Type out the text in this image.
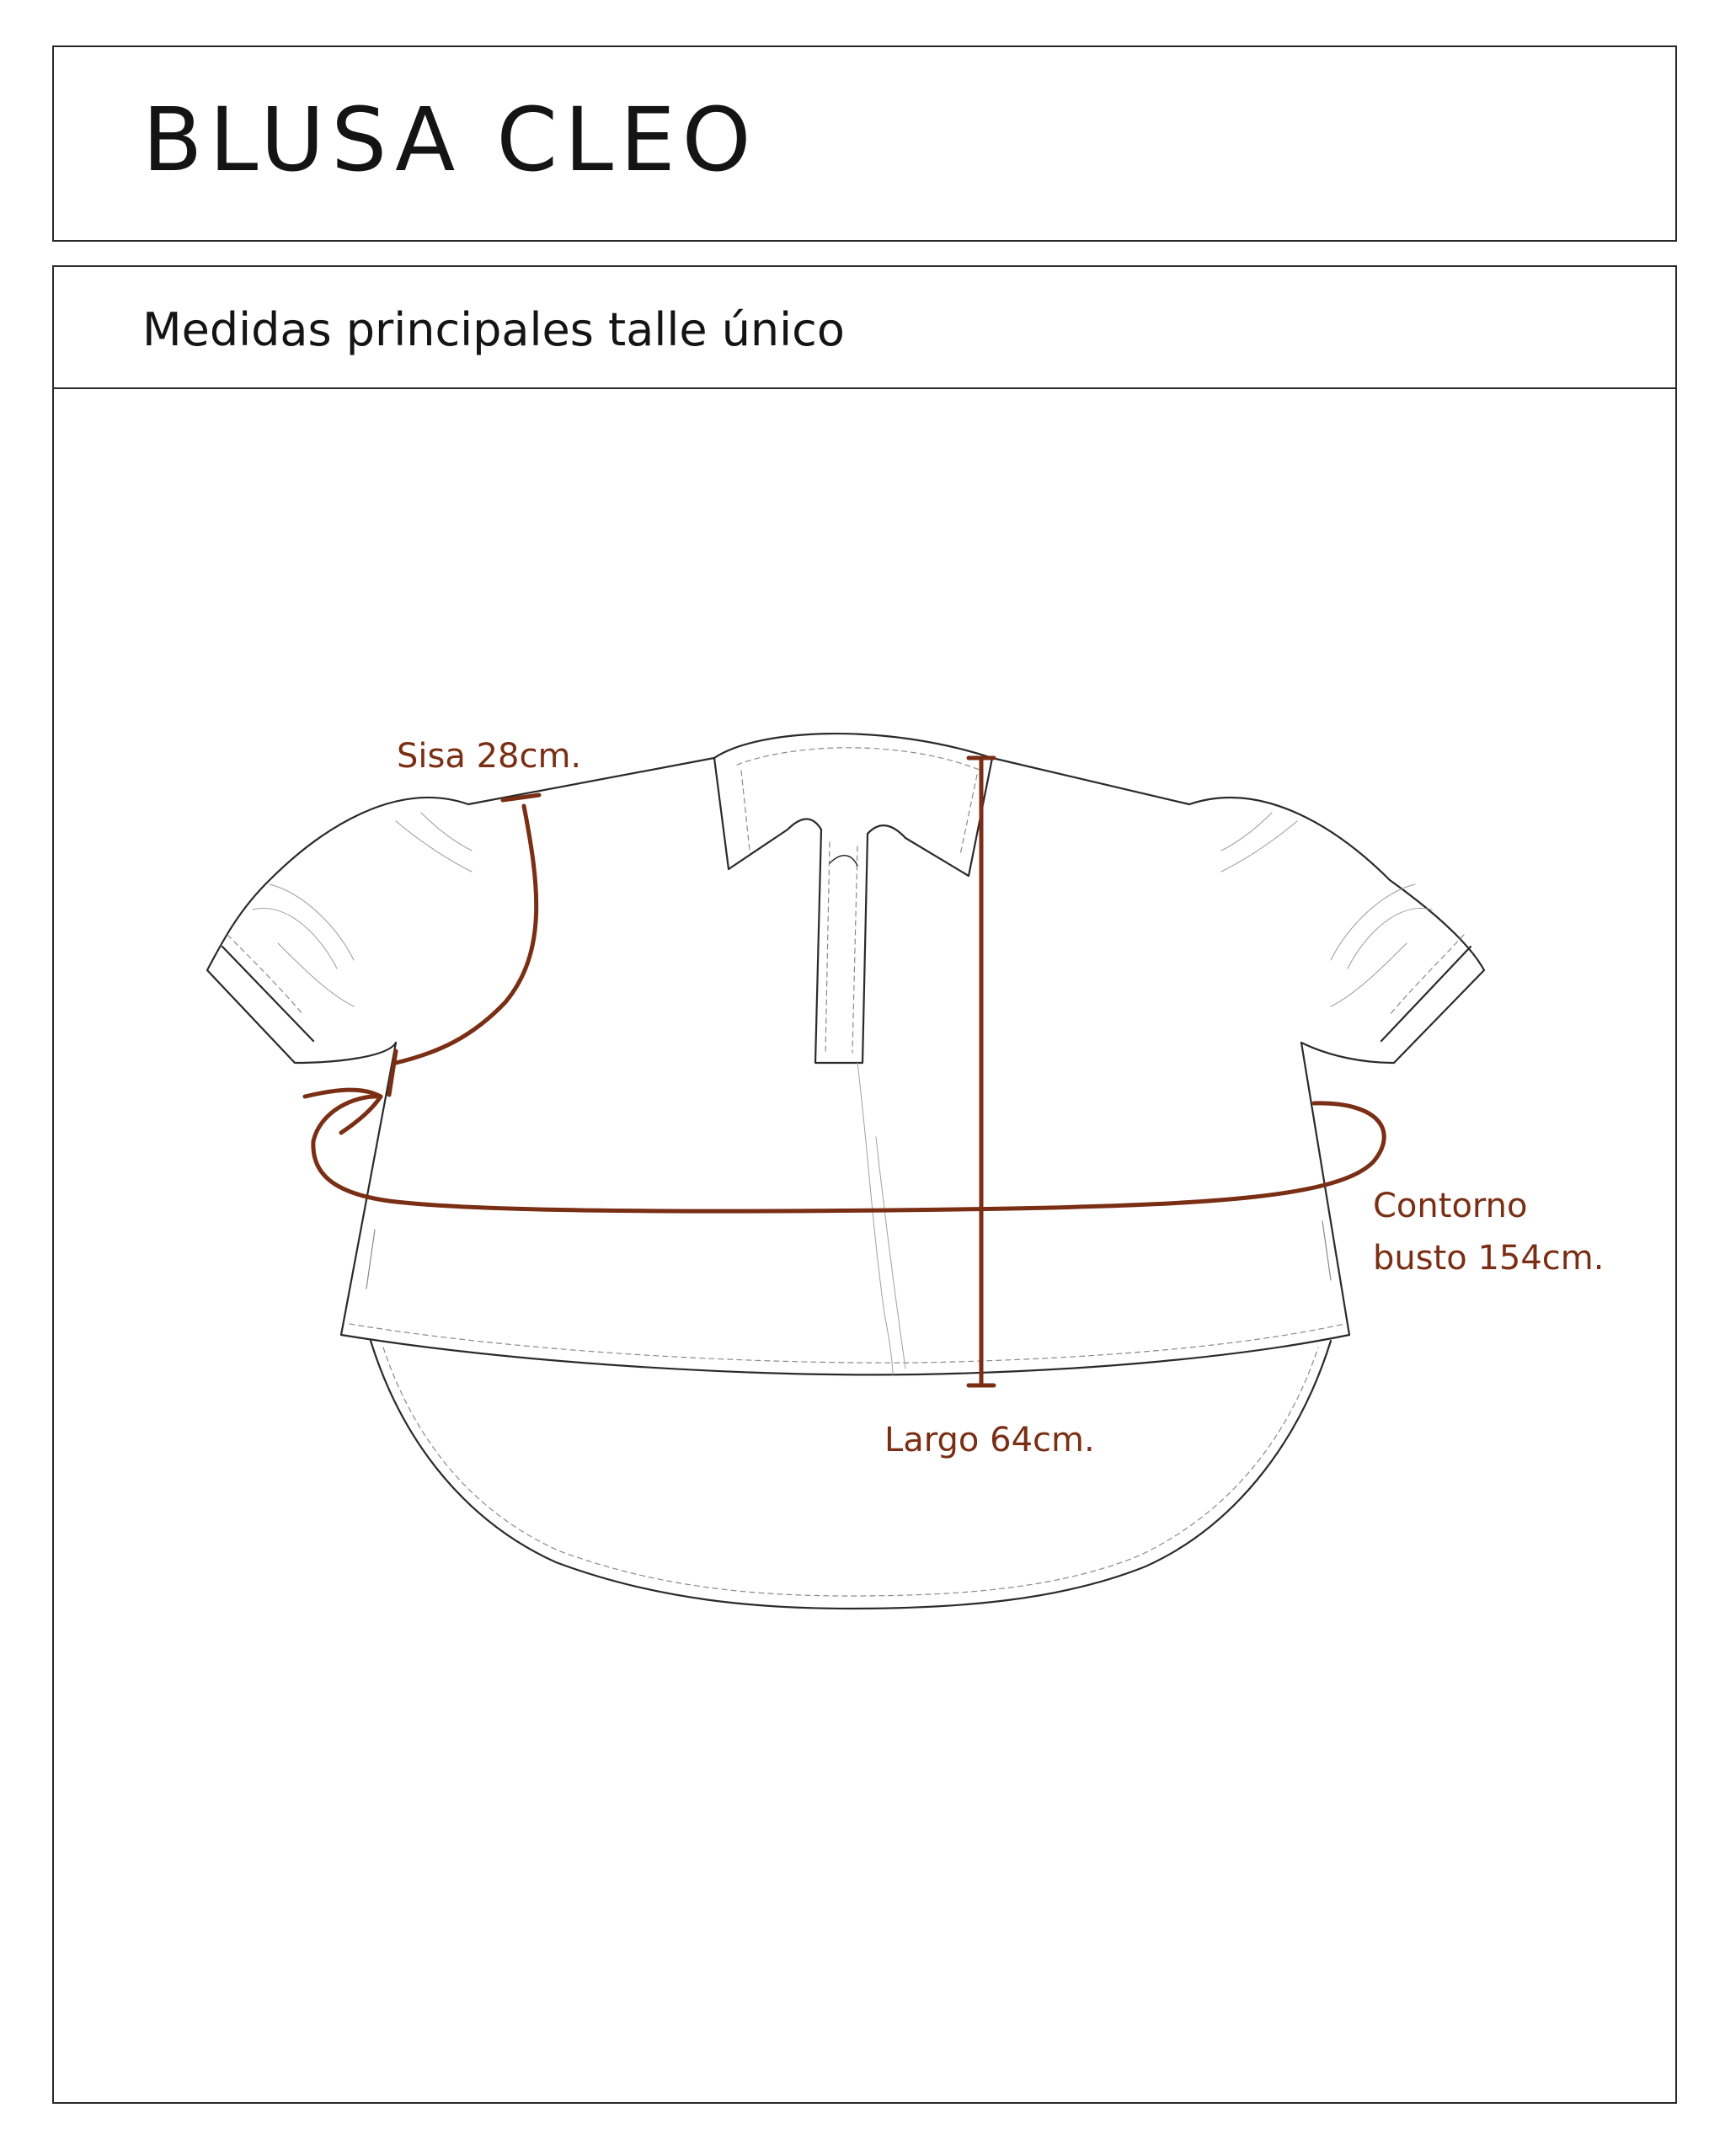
BLUSA CLEO
Medidas principales talle único
Sisa 28cm.
Contorno
busto 154cm.
Largo 64cm.
